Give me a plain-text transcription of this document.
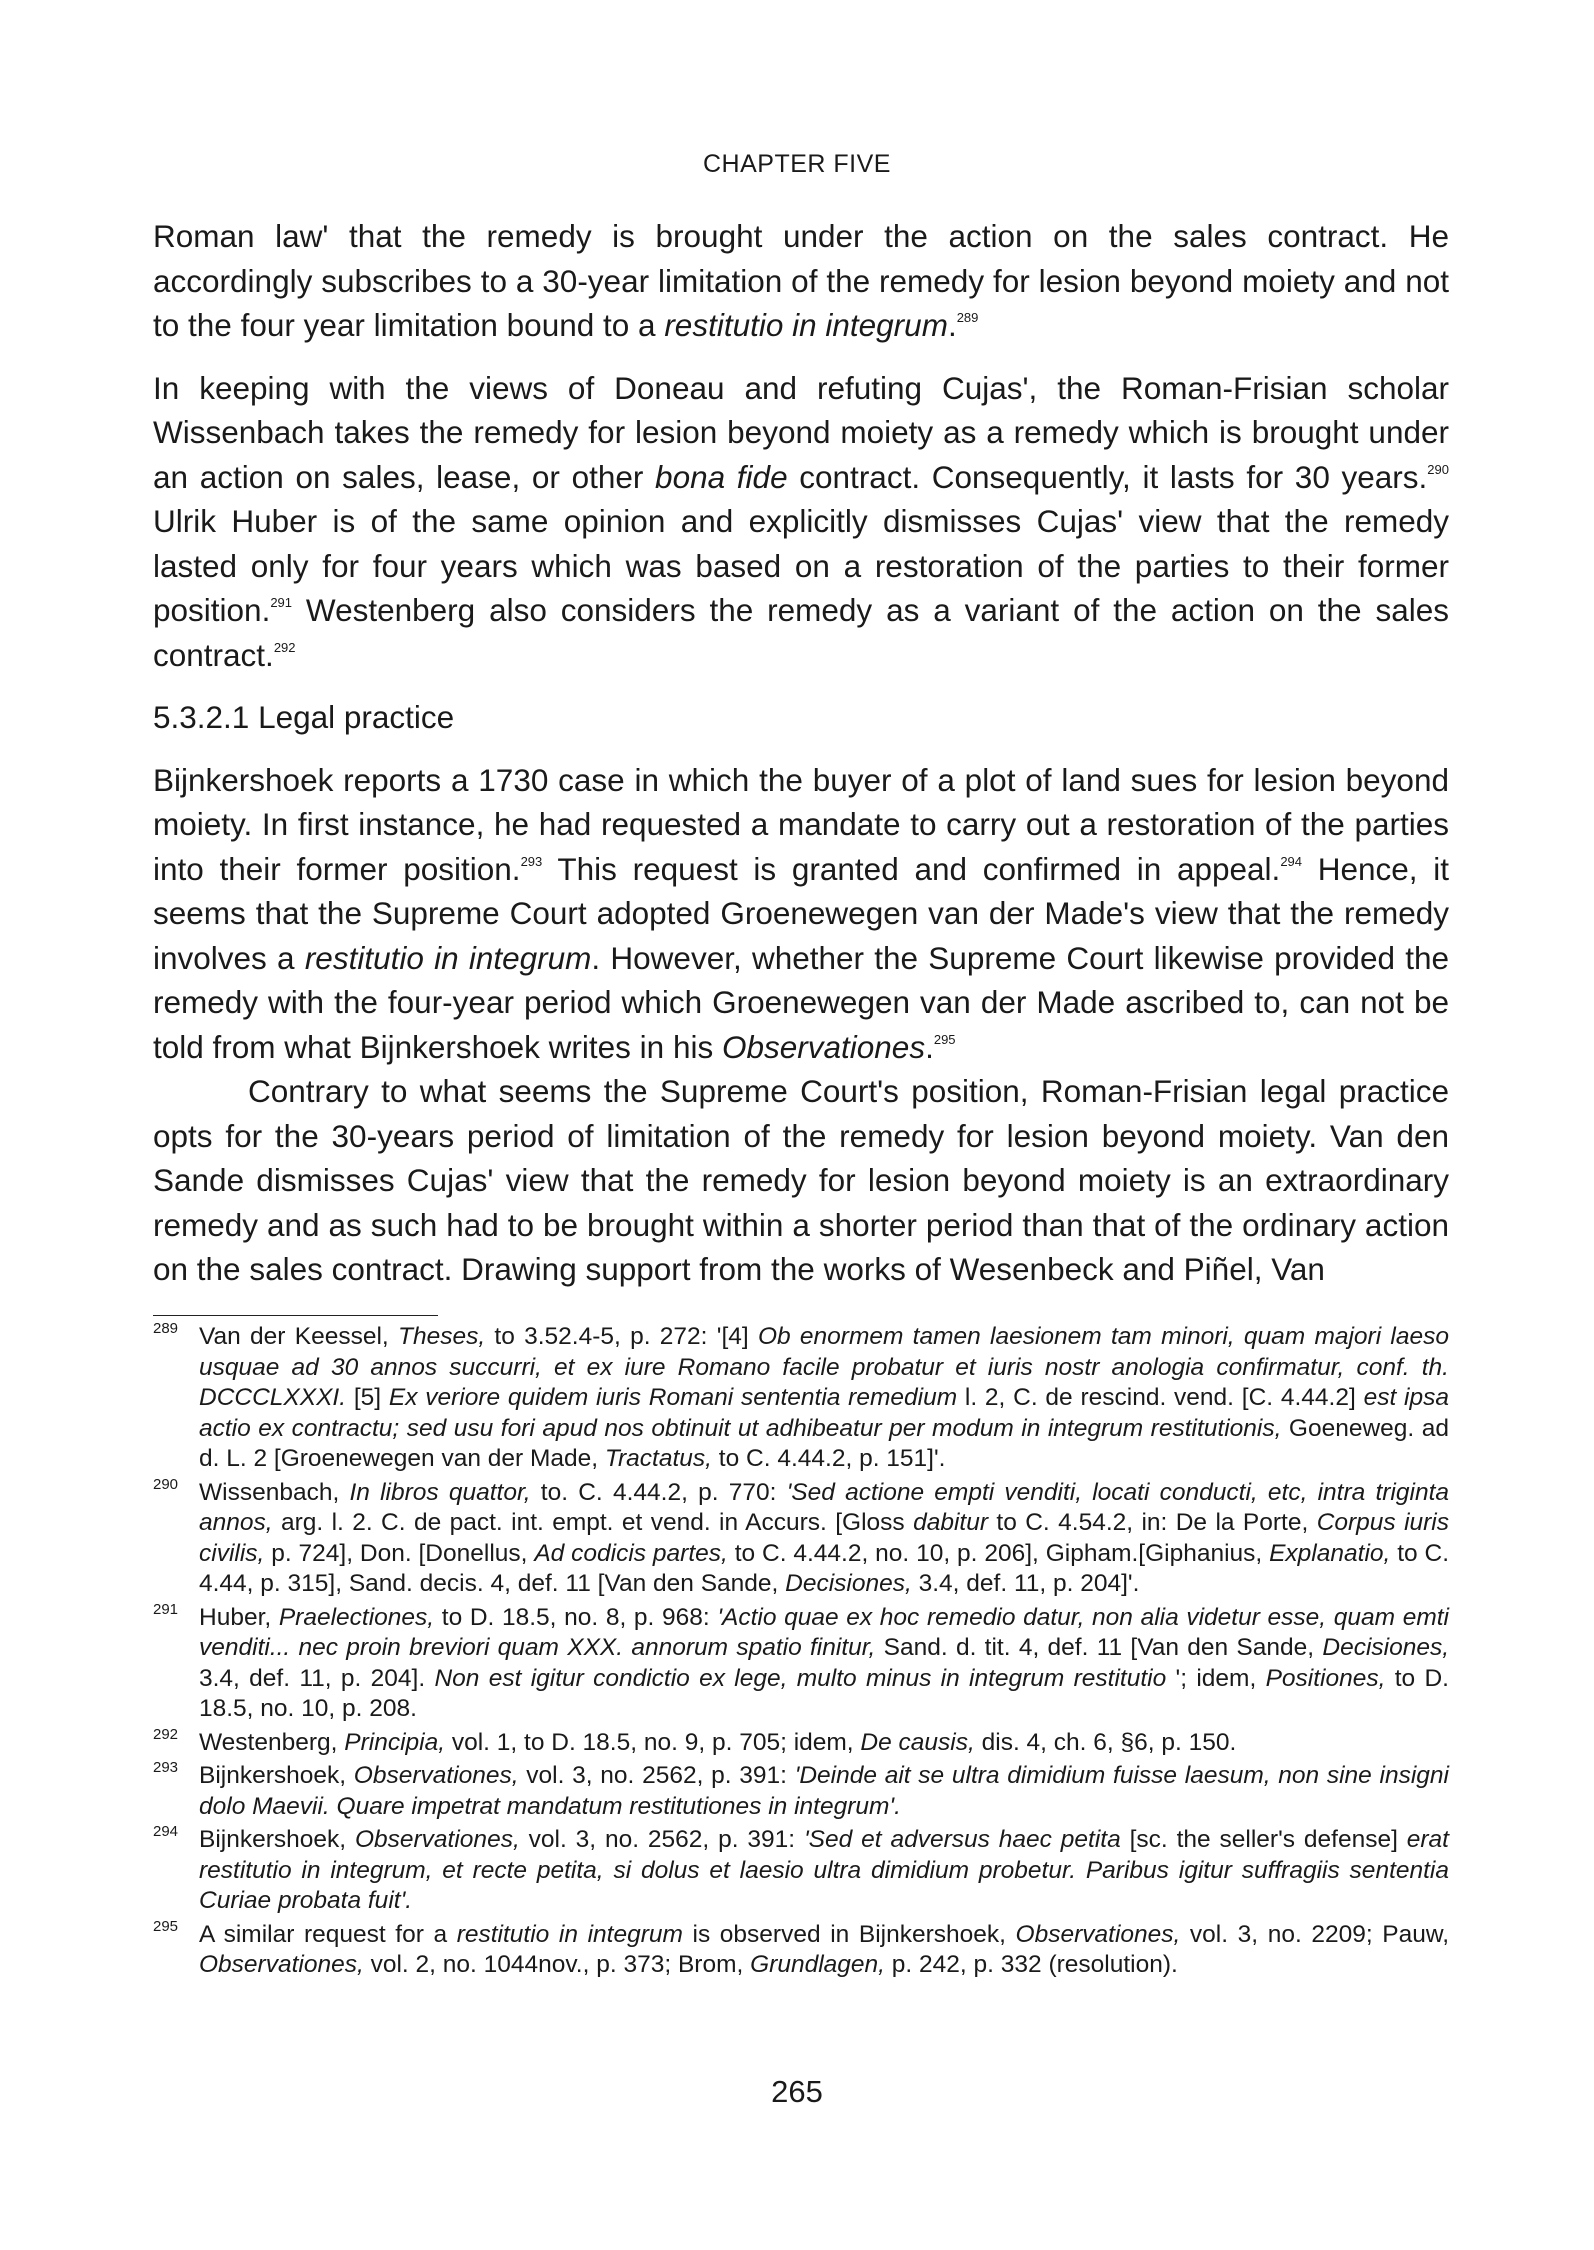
CHAPTER FIVE

Roman law' that the remedy is brought under the action on the sales contract. He accordingly subscribes to a 30-year limitation of the remedy for lesion beyond moiety and not to the four year limitation bound to a restitutio in integrum.$^{289}$

In keeping with the views of Doneau and refuting Cujas', the Roman-Frisian scholar Wissenbach takes the remedy for lesion beyond moiety as a remedy which is brought under an action on sales, lease, or other bona fide contract. Consequently, it lasts for 30 years.$^{290}$ Ulrik Huber is of the same opinion and explicitly dismisses Cujas' view that the remedy lasted only for four years which was based on a restoration of the parties to their former position.$^{291}$ Westenberg also considers the remedy as a variant of the action on the sales contract.$^{292}$

5.3.2.1 Legal practice

Bijnkershoek reports a 1730 case in which the buyer of a plot of land sues for lesion beyond moiety. In first instance, he had requested a mandate to carry out a restoration of the parties into their former position.$^{293}$ This request is granted and confirmed in appeal.$^{294}$ Hence, it seems that the Supreme Court adopted Groenewegen van der Made's view that the remedy involves a restitutio in integrum. However, whether the Supreme Court likewise provided the remedy with the four-year period which Groenewegen van der Made ascribed to, can not be told from what Bijnkershoek writes in his Observationes.$^{295}$

Contrary to what seems the Supreme Court's position, Roman-Frisian legal practice opts for the 30-years period of limitation of the remedy for lesion beyond moiety. Van den Sande dismisses Cujas' view that the remedy for lesion beyond moiety is an extraordinary remedy and as such had to be brought within a shorter period than that of the ordinary action on the sales contract. Drawing support from the works of Wesenbeck and Piñel, Van

289 Van der Keessel, Theses, to 3.52.4-5, p. 272: '[4] Ob enormem tamen laesionem tam minori, quam majori laeso usquae ad 30 annos succurri, et ex iure Romano facile probatur et iuris nostr anologia confirmatur, conf. th. DCCCLXXXI. [5] Ex veriore quidem iuris Romani sententia remedium l. 2, C. de rescind. vend. [C. 4.44.2] est ipsa actio ex contractu; sed usu fori apud nos obtinuit ut adhibeatur per modum in integrum restitutionis, Goeneweg. ad d. L. 2 [Groenewegen van der Made, Tractatus, to C. 4.44.2, p. 151]'.
290 Wissenbach, In libros quattor, to. C. 4.44.2, p. 770: 'Sed actione empti venditi, locati conducti, etc, intra triginta annos, arg. l. 2. C. de pact. int. empt. et vend. in Accurs. [Gloss dabitur to C. 4.54.2, in: De la Porte, Corpus iuris civilis, p. 724], Don. [Donellus, Ad codicis partes, to C. 4.44.2, no. 10, p. 206], Gipham.[Giphanius, Explanatio, to C. 4.44, p. 315], Sand. decis. 4, def. 11 [Van den Sande, Decisiones, 3.4, def. 11, p. 204]'.
291 Huber, Praelectiones, to D. 18.5, no. 8, p. 968: 'Actio quae ex hoc remedio datur, non alia videtur esse, quam emti venditi... nec proin breviori quam XXX. annorum spatio finitur, Sand. d. tit. 4, def. 11 [Van den Sande, Decisiones, 3.4, def. 11, p. 204]. Non est igitur condictio ex lege, multo minus in integrum restitutio '; idem, Positiones, to D. 18.5, no. 10, p. 208.
292 Westenberg, Principia, vol. 1, to D. 18.5, no. 9, p. 705; idem, De causis, dis. 4, ch. 6, §6, p. 150.
293 Bijnkershoek, Observationes, vol. 3, no. 2562, p. 391: 'Deinde ait se ultra dimidium fuisse laesum, non sine insigni dolo Maevii. Quare impetrat mandatum restitutiones in integrum'.
294 Bijnkershoek, Observationes, vol. 3, no. 2562, p. 391: 'Sed et adversus haec petita [sc. the seller's defense] erat restitutio in integrum, et recte petita, si dolus et laesio ultra dimidium probetur. Paribus igitur suffragiis sententia Curiae probata fuit'.
295 A similar request for a restitutio in integrum is observed in Bijnkershoek, Observationes, vol. 3, no. 2209; Pauw, Observationes, vol. 2, no. 1044nov., p. 373; Brom, Grundlagen, p. 242, p. 332 (resolution).
265
